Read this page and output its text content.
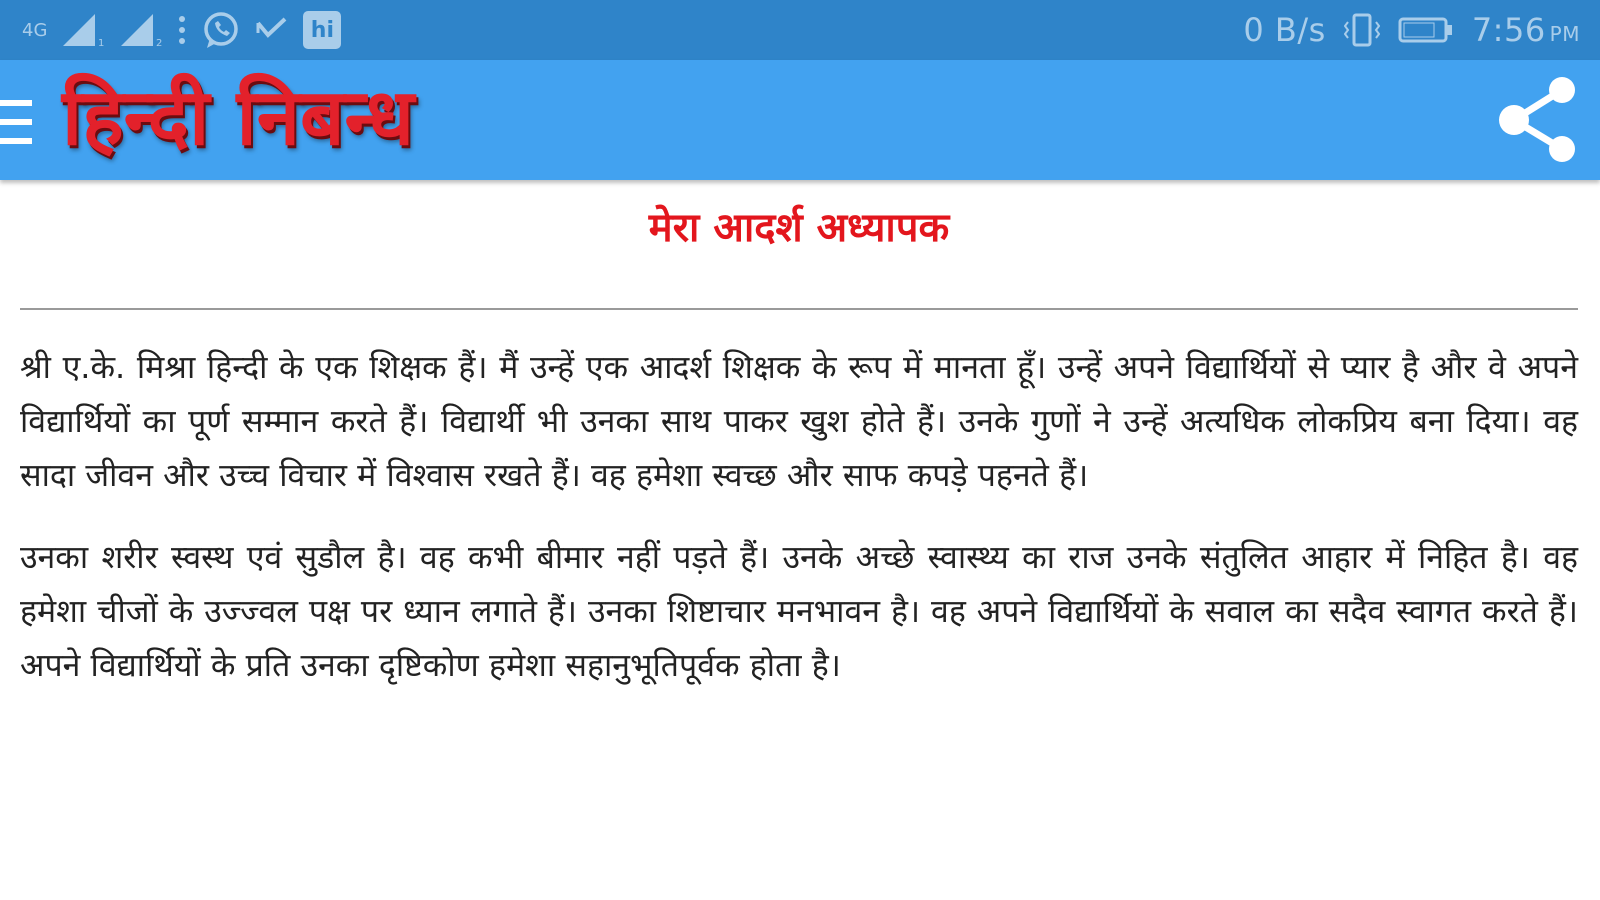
4G
1	2
hi	0 B/s	7:56 PM
हिन्दी निबन्ध
मेरा आदर्श अध्यापक

श्री ए.के. मिश्रा हिन्दी के एक शिक्षक हैं। मैं उन्हें एक आदर्श शिक्षक के रूप में मानता हूँ। उन्हें अपने विद्यार्थियों से प्यार है और वे अपने विद्यार्थियों का पूर्ण सम्मान करते हैं। विद्यार्थी भी उनका साथ पाकर खुश होते हैं। उनके गुणों ने उन्हें अत्यधिक लोकप्रिय बना दिया। वह सादा जीवन और उच्च विचार में विश्वास रखते हैं। वह हमेशा स्वच्छ और साफ कपड़े पहनते हैं।

उनका शरीर स्वस्थ एवं सुडौल है। वह कभी बीमार नहीं पड़ते हैं। उनके अच्छे स्वास्थ्य का राज उनके संतुलित आहार में निहित है। वह हमेशा चीजों के उज्ज्वल पक्ष पर ध्यान लगाते हैं। उनका शिष्टाचार मनभावन है। वह अपने विद्यार्थियों के सवाल का सदैव स्वागत करते हैं। अपने विद्यार्थियों के प्रति उनका दृष्टिकोण हमेशा सहानुभूतिपूर्वक होता है।
